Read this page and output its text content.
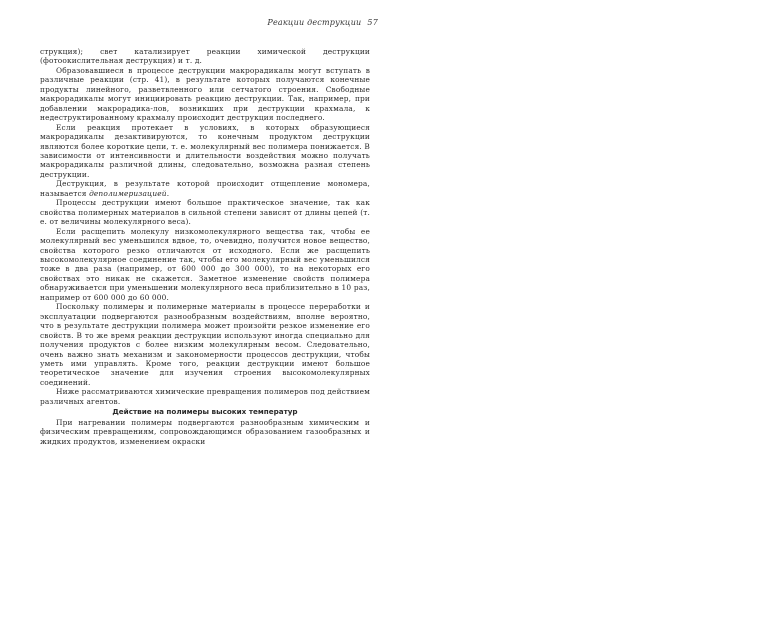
Реакции деструкции 57

струкция); свет катализирует реакции химической деструкции (фотоокислительная деструкция) и т. д.

Образовавшиеся в процессе деструкции макрорадикалы могут вступать в различные реакции (стр. 41), в результате которых получаются конечные продукты линейного, разветвленного или сетчатого строения. Свободные макрорадикалы могут инициировать реакцию деструкции. Так, например, при добавлении макрорадика-лов, возникших при деструкции крахмала, к недеструктированному крахмалу происходит деструкция последнего.

Если реакция протекает в условиях, в которых образующиеся макрорадикалы дезактивируются, то конечным продуктом деструкции являются более короткие цепи, т. е. молекулярный вес полимера понижается. В зависимости от интенсивности и длительности воздействия можно получать макрорадикалы различной длины, следовательно, возможна разная степень деструкции.

Деструкция, в результате которой происходит отщепление мономера, называется деполимеризацией.

Процессы деструкции имеют большое практическое значение, так как свойства полимерных материалов в сильной степени зависят от длины цепей (т. е. от величины молекулярного веса).

Если расщепить молекулу низкомолекулярного вещества так, чтобы ее молекулярный вес уменьшился вдвое, то, очевидно, получится новое вещество, свойства которого резко отличаются от исходного. Если же расщепить высокомолекулярное соединение так, чтобы его молекулярный вес уменьшился тоже в два раза (например, от 600 000 до 300 000), то на некоторых его свойствах это никак не скажется. Заметное изменение свойств полимера обнаруживается при уменьшении молекулярного веса приблизительно в 10 раз, например от 600 000 до 60 000.

Поскольку полимеры и полимерные материалы в процессе переработки и эксплуатации подвергаются разнообразным воздействиям, вполне вероятно, что в результате деструкции полимера может произойти резкое изменение его свойств. В то же время реакции деструкции используют иногда специально для получения продуктов с более низким молекулярным весом. Следовательно, очень важно знать механизм и закономерности процессов деструкции, чтобы уметь ими управлять. Кроме того, реакции деструкции имеют большое теоретическое значение для изучения строения высокомолекулярных соединений.

Ниже рассматриваются химические превращения полимеров под действием различных агентов.

Действие на полимеры высоких температур

При нагревании полимеры подвергаются разнообразным химическим и физическим превращениям, сопровождающимся образованием газообразных и жидких продуктов, изменением окраски
